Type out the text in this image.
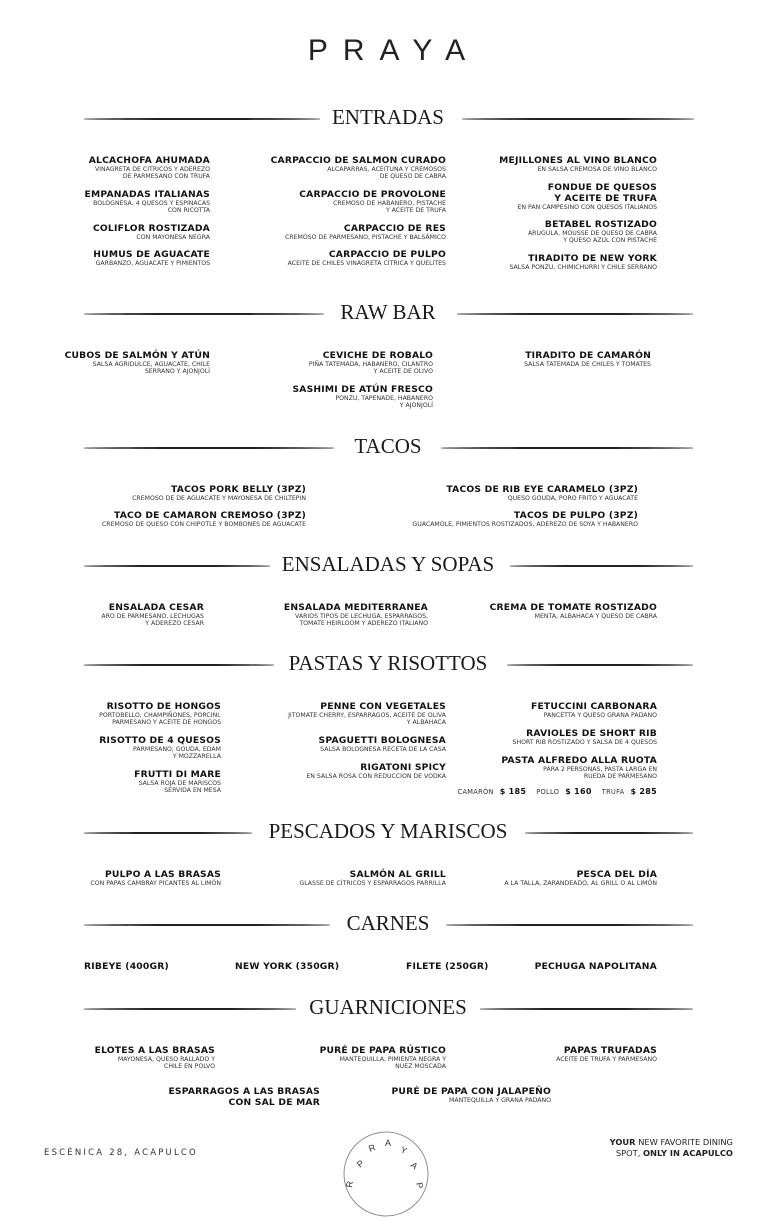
PRAYA
ENTRADAS
ALCACHOFA AHUMADA
VINAGRETA DE CITRICOS Y ADEREZO
DE PARMESANO CON TRUFA
EMPANADAS ITALIANAS
BOLOGNESA, 4 QUESOS Y ESPINACAS
CON RICOTTA
COLIFLOR ROSTIZADA
CON MAYONESA NEGRA
HUMUS DE AGUACATE
GARBANZO, AGUACATE Y PIMIENTOS
CARPACCIO DE SALMON CURADO
ALCAPARRAS, ACEITUNA Y CREMOSOS
DE QUESO DE CABRA
CARPACCIO DE PROVOLONE
CREMOSO DE HABANERO, PISTACHE
Y ACEITE DE TRUFA
CARPACCIO DE RES
CREMOSO DE PARMESANO, PISTACHE Y BALSÁMICO
CARPACCIO DE PULPO
ACEITE DE CHILES VINAGRETA CÍTRICA Y QUELITES
MEJILLONES AL VINO BLANCO
EN SALSA CREMOSA DE VINO BLANCO
FONDUE DE QUESOS
Y ACEITE DE TRUFA
EN PAN CAMPESINO CON QUESOS ITALIANOS
BETABEL ROSTIZADO
ARUGULA, MOUSSE DE QUESO DE CABRA
Y QUESO AZUL CON PISTACHE
TIRADITO DE NEW YORK
SALSA PONZU, CHIMICHURRI Y CHILE SERRANO
RAW BAR
CUBOS DE SALMÓN Y ATÚN
SALSA AGRIDULCE, AGUACATE, CHILE
SERRANO Y AJONJOLÍ
CEVICHE DE ROBALO
PIÑA TATEMADA, HABANERO, CILANTRO
Y ACEITE DE OLIVO
SASHIMI DE ATÚN FRESCO
PONZU, TAPENADE, HABANERO
Y AJONJOLÍ
TIRADITO DE CAMARÓN
SALSA TATEMADA DE CHILES Y TOMATES
TACOS
TACOS PORK BELLY (3PZ)
CREMOSO DE DE AGUACATE Y MAYONESA DE CHILTEPIN
TACO DE CAMARON CREMOSO (3PZ)
CREMOSO DE QUESO CON CHIPOTLE Y BOMBONES DE AGUACATE
TACOS DE RIB EYE CARAMELO (3PZ)
QUESO GOUDA, PORO FRITO Y AGUACATE
TACOS DE PULPO (3PZ)
GUACAMOLE, PIMIENTOS ROSTIZADOS, ADEREZO DE SOYA Y HABANERO
ENSALADAS Y SOPAS
ENSALADA CESAR
ARO DE PARMESANO, LECHUGAS
Y ADEREZO CESAR
ENSALADA MEDITERRANEA
VARIOS TIPOS DE LECHUGA, ESPARRAGOS,
TOMATE HEIRLOOM Y ADEREZO ITALIANO
CREMA DE TOMATE ROSTIZADO
MENTA, ALBAHACA Y QUESO DE CABRA
PASTAS Y RISOTTOS
RISOTTO DE HONGOS
PORTOBELLO, CHAMPIÑONES, PORCINI,
PARMESANO Y ACEITE DE HONGOS
RISOTTO DE 4 QUESOS
PARMESANO, GOUDA, EDAM
Y MOZZARELLA
FRUTTI DI MARE
SALSA ROJA DE MARISCOS
SERVIDA EN MESA
PENNE CON VEGETALES
JITOMATE CHERRY, ESPARRAGOS, ACEITE DE OLIVA
Y ALBAHACA
SPAGUETTI BOLOGNESA
SALSA BOLOGNESA RECETA DE LA CASA
RIGATONI SPICY
EN SALSA ROSA CON REDUCCION DE VODKA
FETUCCINI CARBONARA
PANCETTA Y QUESO GRANA PADANO
RAVIOLES DE SHORT RIB
SHORT RIB ROSTIZADO Y SALSA DE 4 QUESOS
PASTA ALFREDO ALLA RUOTA
PARA 2 PERSONAS, PASTA LARGA EN
RUEDA DE PARMESANO
CAMARÓN $ 185 POLLO $ 160 TRUFA $ 285
PESCADOS Y MARISCOS
PULPO A LAS BRASAS
CON PAPAS CAMBRAY PICANTES AL LIMÓN
SALMÓN AL GRILL
GLASSE DE CÍTRICOS Y ESPÁRRAGOS PARRILLA
PESCA DEL DÍA
A LA TALLA, ZARANDEADO, AL GRILL O AL LIMÓN
CARNES
RIBEYE (400GR)	NEW YORK (350GR)	FILETE (250GR)	PECHUGA NAPOLITANA
GUARNICIONES
ELOTES A LAS BRASAS
MAYONESA, QUESO RALLADO Y
CHILE EN POLVO
PURÉ DE PAPA RÚSTICO
MANTEQUILLA, PIMIENTA NEGRA Y
NUEZ MOSCADA
PAPAS TRUFADAS
ACEITE DE TRUFA Y PARMESANO
ESPARRAGOS A LAS BRASAS
CON SAL DE MAR
PURÉ DE PAPA CON JALAPEÑO
MANTEQUILLA Y GRANA PADANO
ESCÉNICA 28, ACAPULCO
P
R A
Y
A
P
R
YOUR NEW FAVORITE DINING
SPOT, ONLY IN ACAPULCO
